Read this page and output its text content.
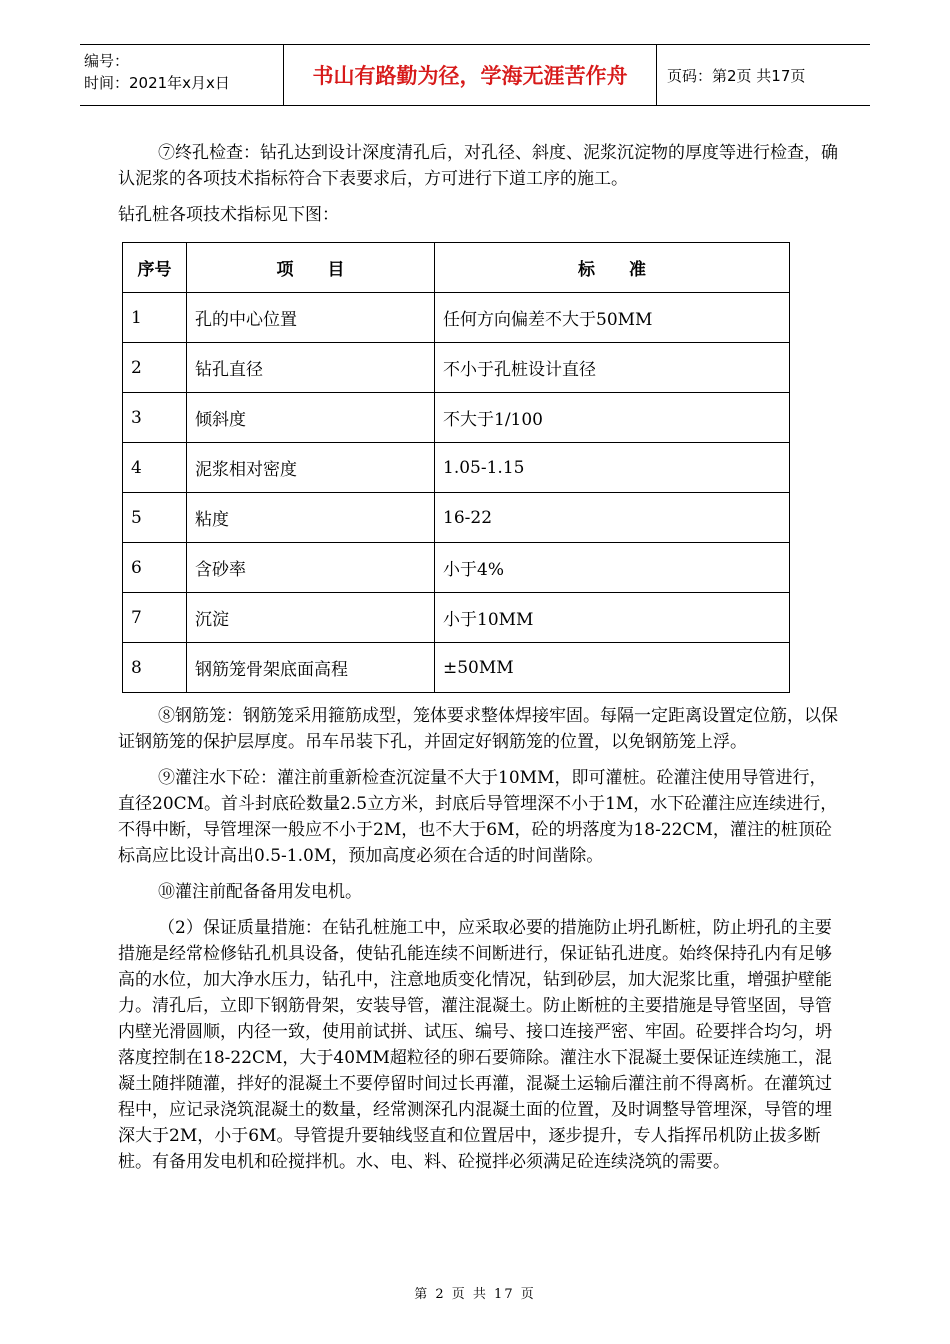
编号：
时间：2021年x月x日	书山有路勤为径，学海无涯苦作舟	页码：第2页 共17页

⑦终孔检查：钻孔达到设计深度清孔后，对孔径、斜度、泥浆沉淀物的厚度等进行检查，确认泥浆的各项技术指标符合下表要求后，方可进行下道工序的施工。

钻孔桩各项技术指标见下图：

序号	项　　目	标　　准
1	孔的中心位置	任何方向偏差不大于50MM
2	钻孔直径	不小于孔桩设计直径
3	倾斜度	不大于1/100
4	泥浆相对密度	1.05-1.15
5	粘度	16-22
6	含砂率	小于4%
7	沉淀	小于10MM
8	钢筋笼骨架底面高程	±50MM

⑧钢筋笼：钢筋笼采用箍筋成型，笼体要求整体焊接牢固。每隔一定距离设置定位筋，以保证钢筋笼的保护层厚度。吊车吊装下孔，并固定好钢筋笼的位置，以免钢筋笼上浮。

⑨灌注水下砼：灌注前重新检查沉淀量不大于10MM，即可灌桩。砼灌注使用导管进行，直径20CM。首斗封底砼数量2.5立方米，封底后导管埋深不小于1M，水下砼灌注应连续进行，不得中断，导管埋深一般应不小于2M，也不大于6M，砼的坍落度为18-22CM，灌注的桩顶砼标高应比设计高出0.5-1.0M，预加高度必须在合适的时间凿除。

⑩灌注前配备备用发电机。

（2）保证质量措施：在钻孔桩施工中，应采取必要的措施防止坍孔断桩，防止坍孔的主要措施是经常检修钻孔机具设备，使钻孔能连续不间断进行，保证钻孔进度。始终保持孔内有足够高的水位，加大净水压力，钻孔中，注意地质变化情况，钻到砂层，加大泥浆比重，增强护壁能力。清孔后，立即下钢筋骨架，安装导管，灌注混凝土。防止断桩的主要措施是导管坚固，导管内壁光滑圆顺，内径一致，使用前试拼、试压、编号、接口连接严密、牢固。砼要拌合均匀，坍落度控制在18-22CM，大于40MM超粒径的卵石要筛除。灌注水下混凝土要保证连续施工，混凝土随拌随灌，拌好的混凝土不要停留时间过长再灌，混凝土运输后灌注前不得离析。在灌筑过程中，应记录浇筑混凝土的数量，经常测深孔内混凝土面的位置，及时调整导管埋深，导管的埋深大于2M，小于6M。导管提升要轴线竖直和位置居中，逐步提升，专人指挥吊机防止拔多断桩。有备用发电机和砼搅拌机。水、电、料、砼搅拌必须满足砼连续浇筑的需要。

第 2 页 共 17 页
